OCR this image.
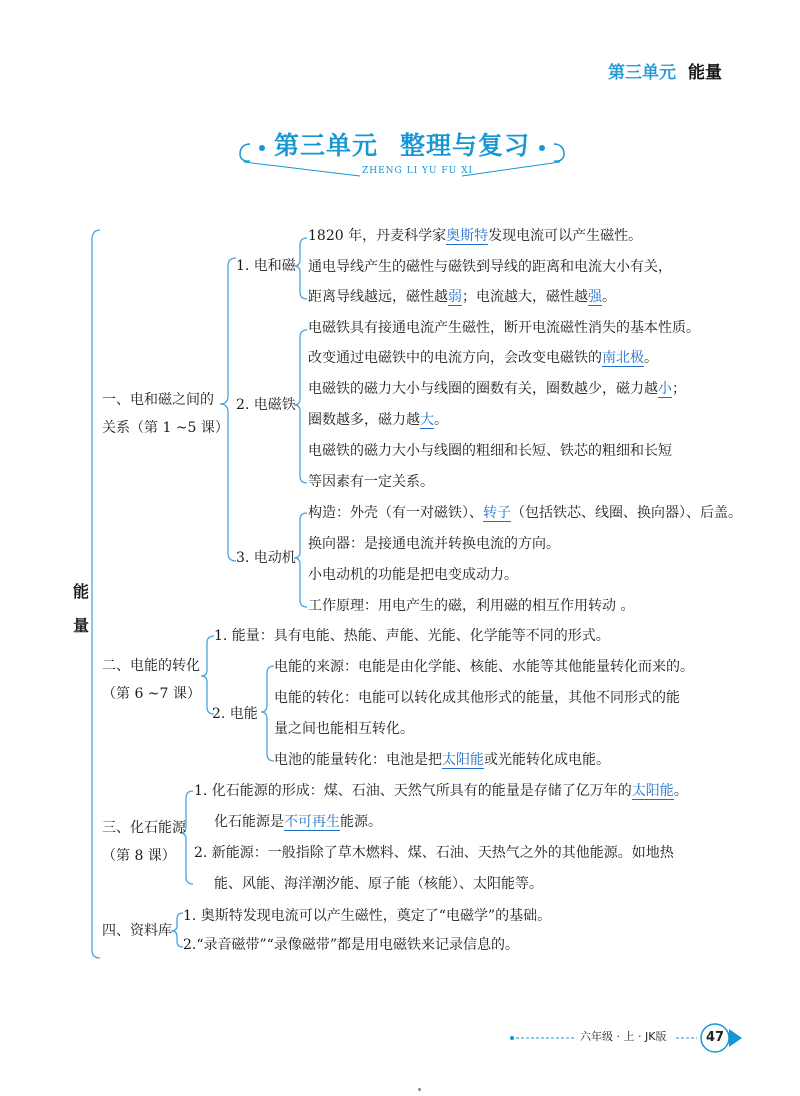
第三单元 能量
第三单元 整理与复习
ZHENG LI YU FU XI
能
量
一、电和磁之间的
关系（第 1 ~5 课）
二、电能的转化
（第 6 ~7 课）
三、化石能源
（第 8 课）
四、资料库
1. 电和磁
2. 电磁铁
3. 电动机
1820 年，丹麦科学家奥斯特发现电流可以产生磁性。
通电导线产生的磁性与磁铁到导线的距离和电流大小有关，
距离导线越远，磁性越弱；电流越大，磁性越强。
电磁铁具有接通电流产生磁性，断开电流磁性消失的基本性质。
改变通过电磁铁中的电流方向，会改变电磁铁的南北极。
电磁铁的磁力大小与线圈的圈数有关，圈数越少，磁力越小；
圈数越多，磁力越大。
电磁铁的磁力大小与线圈的粗细和长短、铁芯的粗细和长短
等因素有一定关系。
构造：外壳（有一对磁铁）、转子（包括铁芯、线圈、换向器）、后盖。
换向器：是接通电流并转换电流的方向。
小电动机的功能是把电变成动力。
工作原理：用电产生的磁，利用磁的相互作用转动 。
1. 能量：具有电能、热能、声能、光能、化学能等不同的形式。
2. 电能
电能的来源：电能是由化学能、核能、水能等其他能量转化而来的。
电能的转化：电能可以转化成其他形式的能量，其他不同形式的能
量之间也能相互转化。
电池的能量转化：电池是把太阳能或光能转化成电能。
1. 化石能源的形成：煤、石油、天然气所具有的能量是存储了亿万年的太阳能。
化石能源是不可再生能源。
2. 新能源：一般指除了草木燃料、煤、石油、天热气之外的其他能源。如地热
能、风能、海洋潮汐能、原子能（核能）、太阳能等。
1. 奥斯特发现电流可以产生磁性，奠定了“电磁学”的基础。
2.“录音磁带”“录像磁带”都是用电磁铁来记录信息的。
六年级 · 上 · JK版	47
